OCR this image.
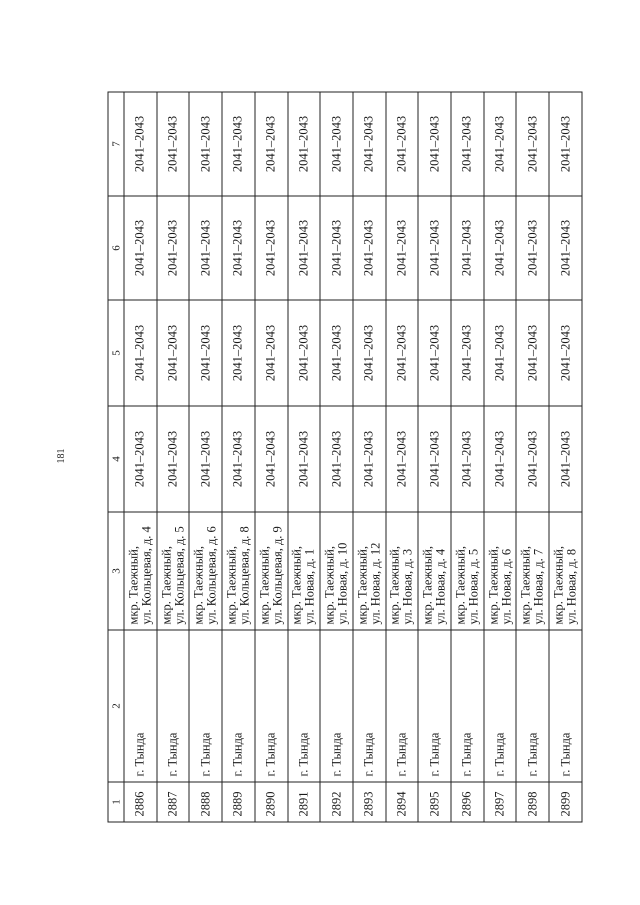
181
1	2	3	4	5	6	7
2886	г. Тында	мкр. Таежный, ул. Кольцевая, д. 4	2041–2043	2041–2043	2041–2043	2041–2043
2887	г. Тында	мкр. Таежный, ул. Кольцевая, д. 5	2041–2043	2041–2043	2041–2043	2041–2043
2888	г. Тында	мкр. Таежный, ул. Кольцевая, д. 6	2041–2043	2041–2043	2041–2043	2041–2043
2889	г. Тында	мкр. Таежный, ул. Кольцевая, д. 8	2041–2043	2041–2043	2041–2043	2041–2043
2890	г. Тында	мкр. Таежный, ул. Кольцевая, д. 9	2041–2043	2041–2043	2041–2043	2041–2043
2891	г. Тында	мкр. Таежный, ул. Новая, д. 1	2041–2043	2041–2043	2041–2043	2041–2043
2892	г. Тында	мкр. Таежный, ул. Новая, д. 10	2041–2043	2041–2043	2041–2043	2041–2043
2893	г. Тында	мкр. Таежный, ул. Новая, д. 12	2041–2043	2041–2043	2041–2043	2041–2043
2894	г. Тында	мкр. Таежный, ул. Новая, д. 3	2041–2043	2041–2043	2041–2043	2041–2043
2895	г. Тында	мкр. Таежный, ул. Новая, д. 4	2041–2043	2041–2043	2041–2043	2041–2043
2896	г. Тында	мкр. Таежный, ул. Новая, д. 5	2041–2043	2041–2043	2041–2043	2041–2043
2897	г. Тында	мкр. Таежный, ул. Новая, д. 6	2041–2043	2041–2043	2041–2043	2041–2043
2898	г. Тында	мкр. Таежный, ул. Новая, д. 7	2041–2043	2041–2043	2041–2043	2041–2043
2899	г. Тында	мкр. Таежный, ул. Новая, д. 8	2041–2043	2041–2043	2041–2043	2041–2043
